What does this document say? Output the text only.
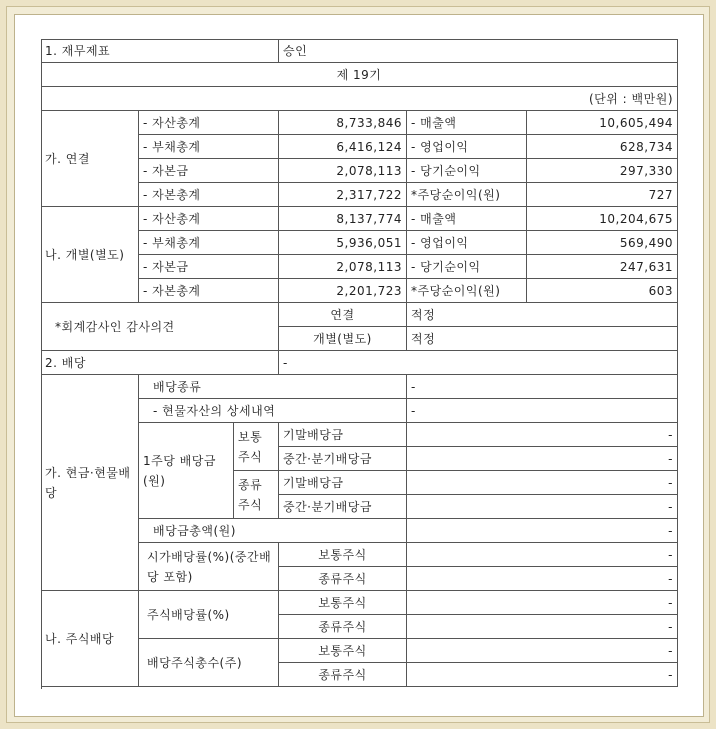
1. 재무제표	승인
제 19기
(단위 : 백만원)
가. 연결
- 자산총계	8,733,846 - 매출액	10,605,494
- 부채총계	6,416,124 - 영업이익	628,734
- 자본금	2,078,113 - 당기순이익	297,330
- 자본총계	2,317,722 *주당순이익(원)	727
나. 개별(별도)
- 자산총계	8,137,774 - 매출액	10,204,675
- 부채총계	5,936,051 - 영업이익	569,490
- 자본금	2,078,113 - 당기순이익	247,631
- 자본총계	2,201,723 *주당순이익(원)	603
*회계감사인 감사의견
연결	적정
개별(별도)	적정
2. 배당	-
가. 현금·현물배당
배당종류	-
- 현물자산의 상세내역	-
1주당 배당금(원)
보통주식
기말배당금	-
중간·분기배당금	-
종류주식
기말배당금	-
중간·분기배당금	-
배당금총액(원)	-
시가배당률(%)(중간배당 포함)
보통주식	-
종류주식	-
나. 주식배당
주식배당률(%)
보통주식	-
종류주식	-
배당주식총수(주)
보통주식	-
종류주식	-
